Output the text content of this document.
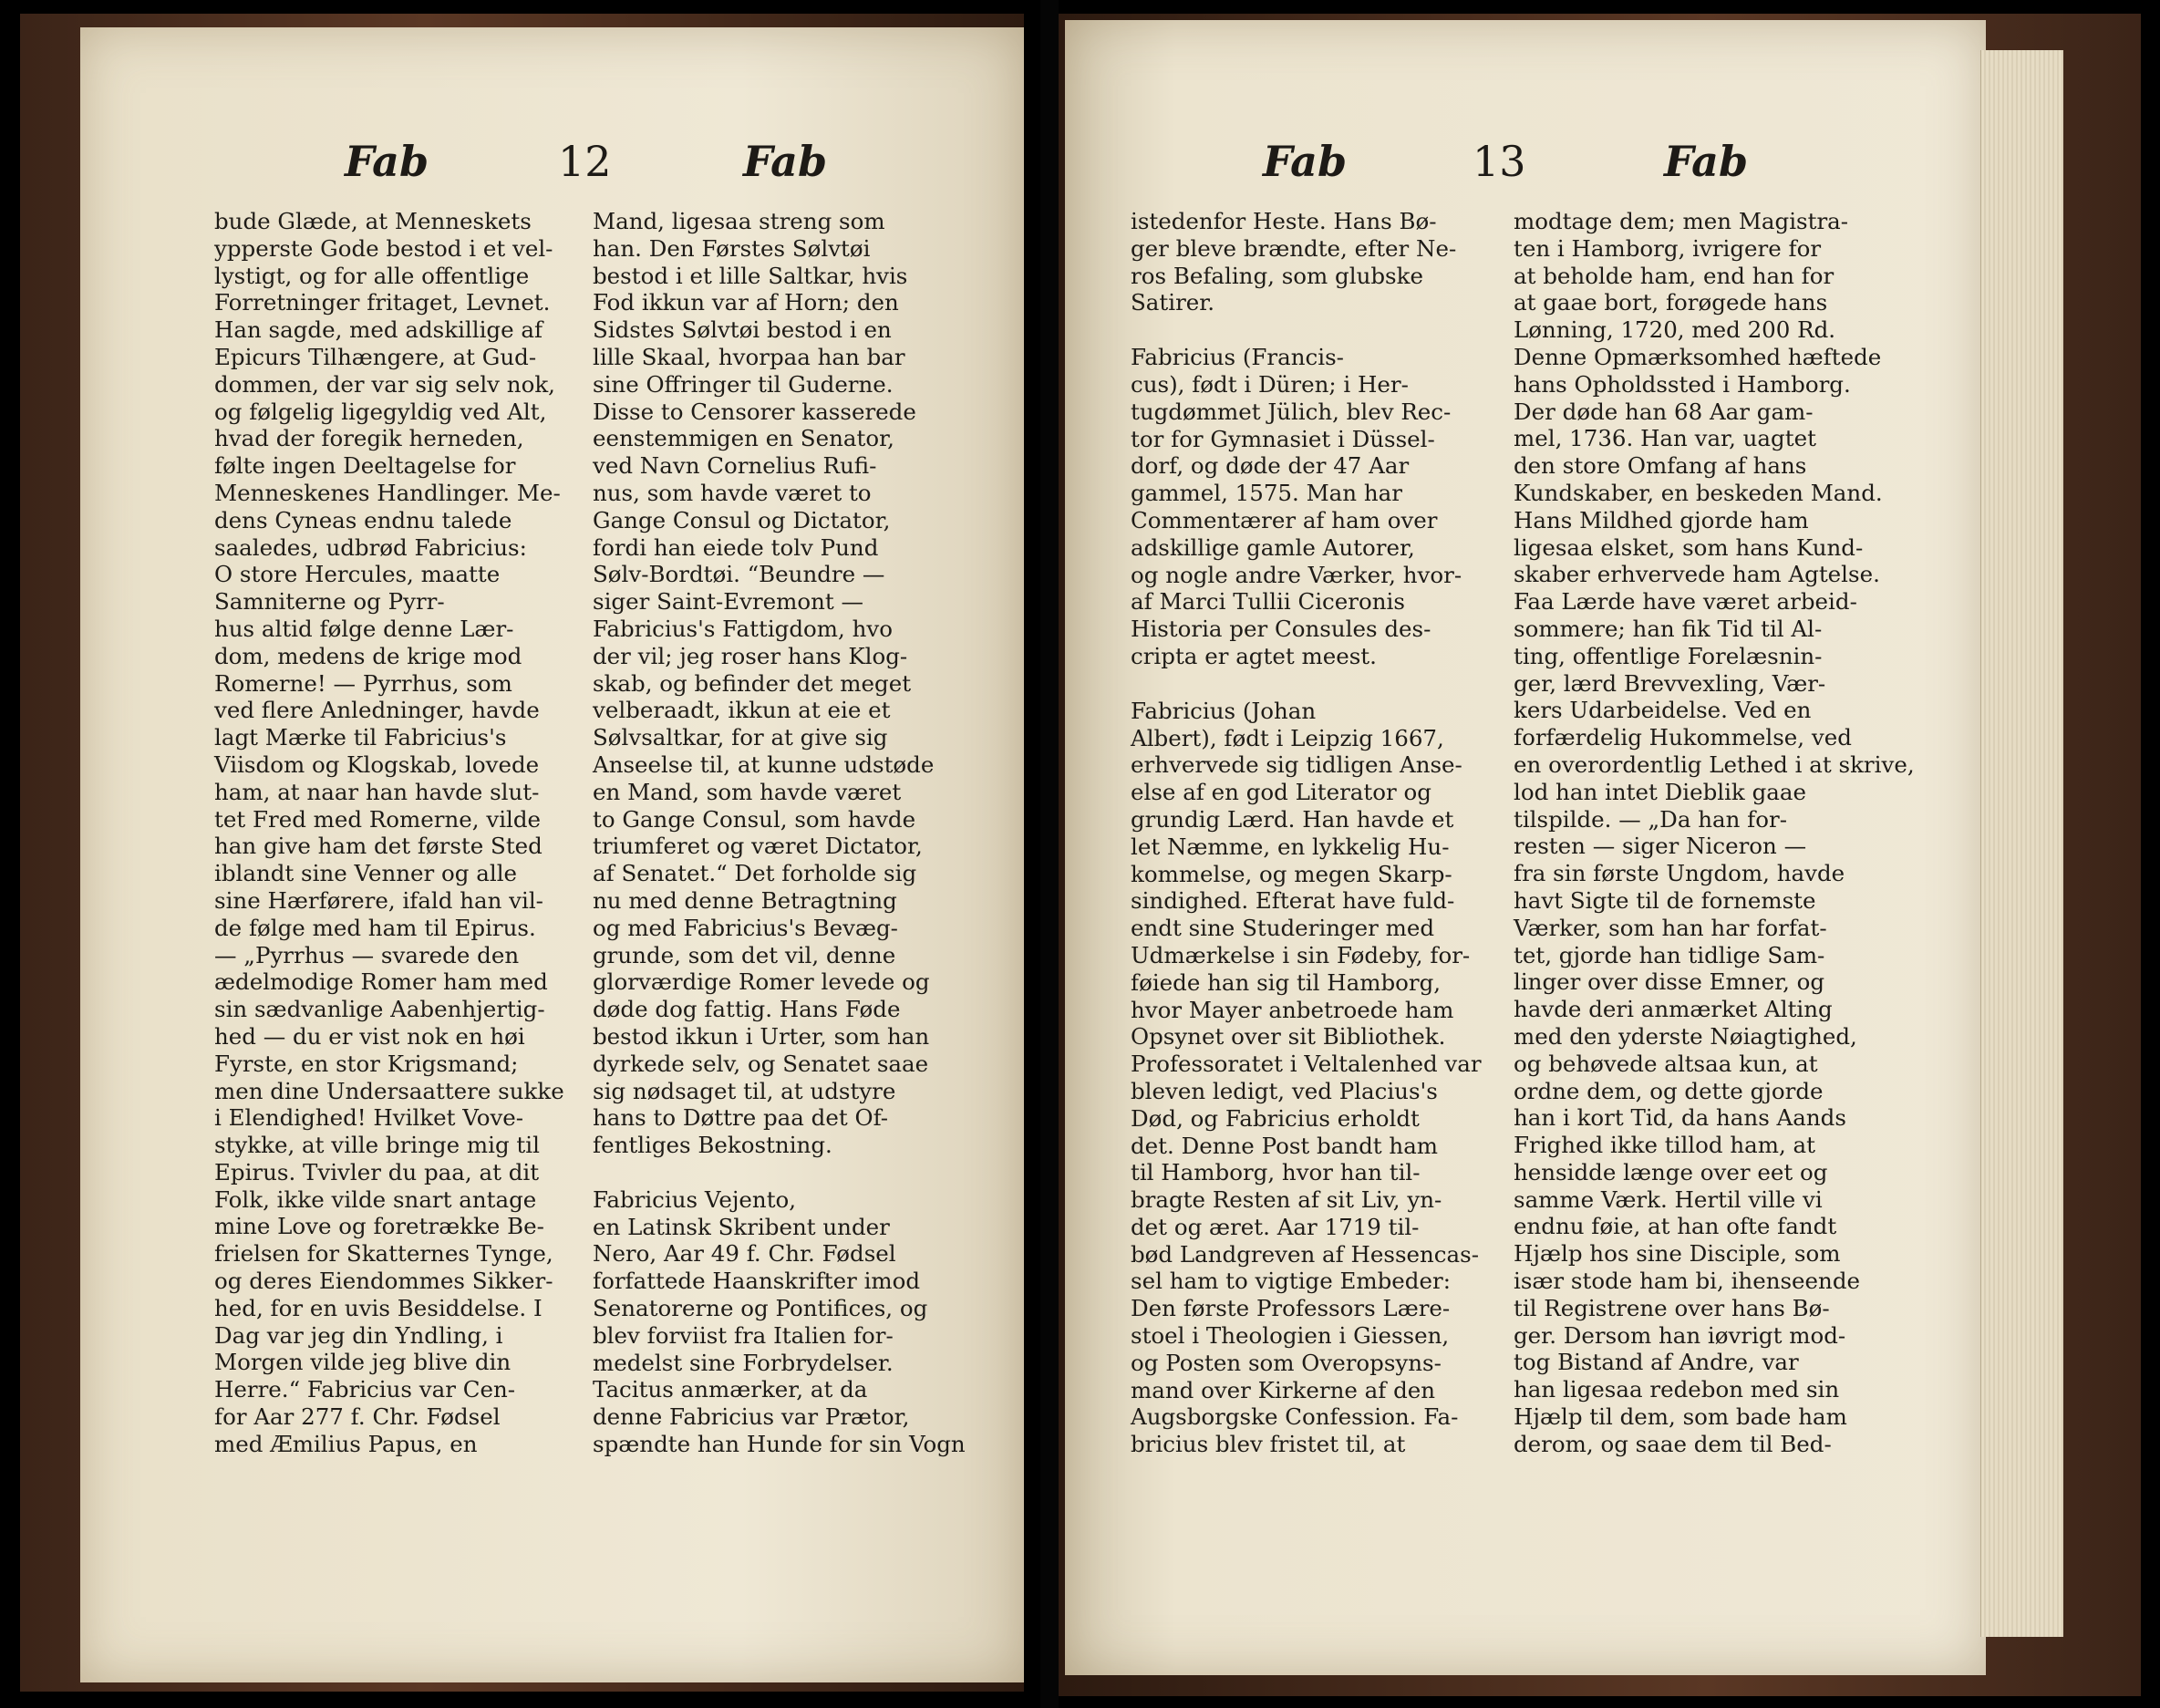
Fab	12	Fab	Fab	13	Fab

bude Glæde, at Menneskets
ypperste Gode bestod i et vel-
lystigt, og for alle offentlige
Forretninger fritaget, Levnet.
Han sagde, med adskillige af
Epicurs Tilhængere, at Gud-
dommen, der var sig selv nok,
og følgelig ligegyldig ved Alt,
hvad der foregik herneden,
følte ingen Deeltagelse for
Menneskenes Handlinger. Me-
dens Cyneas endnu talede
saaledes, udbrød Fabricius:
O store Hercules, maatte
Samniterne og Pyrr-
hus altid følge denne Lær-
dom, medens de krige mod
Romerne! — Pyrrhus, som
ved flere Anledninger, havde
lagt Mærke til Fabricius's
Viisdom og Klogskab, lovede
ham, at naar han havde slut-
tet Fred med Romerne, vilde
han give ham det første Sted
iblandt sine Venner og alle
sine Hærførere, ifald han vil-
de følge med ham til Epirus.
— „Pyrrhus — svarede den
ædelmodige Romer ham med
sin sædvanlige Aabenhjertig-
hed — du er vist nok en høi
Fyrste, en stor Krigsmand;
men dine Undersaattere sukke
i Elendighed! Hvilket Vove-
stykke, at ville bringe mig til
Epirus. Tvivler du paa, at dit
Folk, ikke vilde snart antage
mine Love og foretrække Be-
frielsen for Skatternes Tynge,
og deres Eiendommes Sikker-
hed, for en uvis Besiddelse. I
Dag var jeg din Yndling, i
Morgen vilde jeg blive din
Herre.“ Fabricius var Cen-
for Aar 277 f. Chr. Fødsel
med Æmilius Papus, en

Mand, ligesaa streng som
han. Den Førstes Sølvtøi
bestod i et lille Saltkar, hvis
Fod ikkun var af Horn; den
Sidstes Sølvtøi bestod i en
lille Skaal, hvorpaa han bar
sine Offringer til Guderne.
Disse to Censorer kasserede
eenstemmigen en Senator,
ved Navn Cornelius Rufi-
nus, som havde været to
Gange Consul og Dictator,
fordi han eiede tolv Pund
Sølv-Bordtøi. “Beundre —
siger Saint-Evremont —
Fabricius's Fattigdom, hvo
der vil; jeg roser hans Klog-
skab, og befinder det meget
velberaadt, ikkun at eie et
Sølvsaltkar, for at give sig
Anseelse til, at kunne udstøde
en Mand, som havde været
to Gange Consul, som havde
triumferet og været Dictator,
af Senatet.“ Det forholde sig
nu med denne Betragtning
og med Fabricius's Bevæg-
grunde, som det vil, denne
glorværdige Romer levede og
døde dog fattig. Hans Føde
bestod ikkun i Urter, som han
dyrkede selv, og Senatet saae
sig nødsaget til, at udstyre
hans to Døttre paa det Of-
fentliges Bekostning.

Fabricius Vejento,
en Latinsk Skribent under
Nero, Aar 49 f. Chr. Fødsel
forfattede Haanskrifter imod
Senatorerne og Pontifices, og
blev forviist fra Italien for-
medelst sine Forbrydelser.
Tacitus anmærker, at da
denne Fabricius var Prætor,
spændte han Hunde for sin Vogn

istedenfor Heste. Hans Bø-
ger bleve brændte, efter Ne-
ros Befaling, som glubske
Satirer.

Fabricius (Francis-
cus), født i Düren; i Her-
tugdømmet Jülich, blev Rec-
tor for Gymnasiet i Düssel-
dorf, og døde der 47 Aar
gammel, 1575. Man har
Commentærer af ham over
adskillige gamle Autorer,
og nogle andre Værker, hvor-
af Marci Tullii Ciceronis
Historia per Consules des-
cripta er agtet meest.

Fabricius (Johan
Albert), født i Leipzig 1667,
erhvervede sig tidligen Anse-
else af en god Literator og
grundig Lærd. Han havde et
let Næmme, en lykkelig Hu-
kommelse, og megen Skarp-
sindighed. Efterat have fuld-
endt sine Studeringer med
Udmærkelse i sin Fødeby, for-
føiede han sig til Hamborg,
hvor Mayer anbetroede ham
Opsynet over sit Bibliothek.
Professoratet i Veltalenhed var
bleven ledigt, ved Placius's
Død, og Fabricius erholdt
det. Denne Post bandt ham
til Hamborg, hvor han til-
bragte Resten af sit Liv, yn-
det og æret. Aar 1719 til-
bød Landgreven af Hessencas-
sel ham to vigtige Embeder:
Den første Professors Lære-
stoel i Theologien i Giessen,
og Posten som Overopsyns-
mand over Kirkerne af den
Augsborgske Confession. Fa-
bricius blev fristet til, at

modtage dem; men Magistra-
ten i Hamborg, ivrigere for
at beholde ham, end han for
at gaae bort, forøgede hans
Lønning, 1720, med 200 Rd.
Denne Opmærksomhed hæftede
hans Opholdssted i Hamborg.
Der døde han 68 Aar gam-
mel, 1736. Han var, uagtet
den store Omfang af hans
Kundskaber, en beskeden Mand.
Hans Mildhed gjorde ham
ligesaa elsket, som hans Kund-
skaber erhvervede ham Agtelse.
Faa Lærde have været arbeid-
sommere; han fik Tid til Al-
ting, offentlige Forelæsnin-
ger, lærd Brevvexling, Vær-
kers Udarbeidelse. Ved en
forfærdelig Hukommelse, ved
en overordentlig Lethed i at skrive,
lod han intet Dieblik gaae
tilspilde. — „Da han for-
resten — siger Niceron —
fra sin første Ungdom, havde
havt Sigte til de fornemste
Værker, som han har forfat-
tet, gjorde han tidlige Sam-
linger over disse Emner, og
havde deri anmærket Alting
med den yderste Nøiagtighed,
og behøvede altsaa kun, at
ordne dem, og dette gjorde
han i kort Tid, da hans Aands
Frighed ikke tillod ham, at
hensidde længe over eet og
samme Værk. Hertil ville vi
endnu føie, at han ofte fandt
Hjælp hos sine Disciple, som
især stode ham bi, ihenseende
til Registrene over hans Bø-
ger. Dersom han iøvrigt mod-
tog Bistand af Andre, var
han ligesaa redebon med sin
Hjælp til dem, som bade ham
derom, og saae dem til Bed-
